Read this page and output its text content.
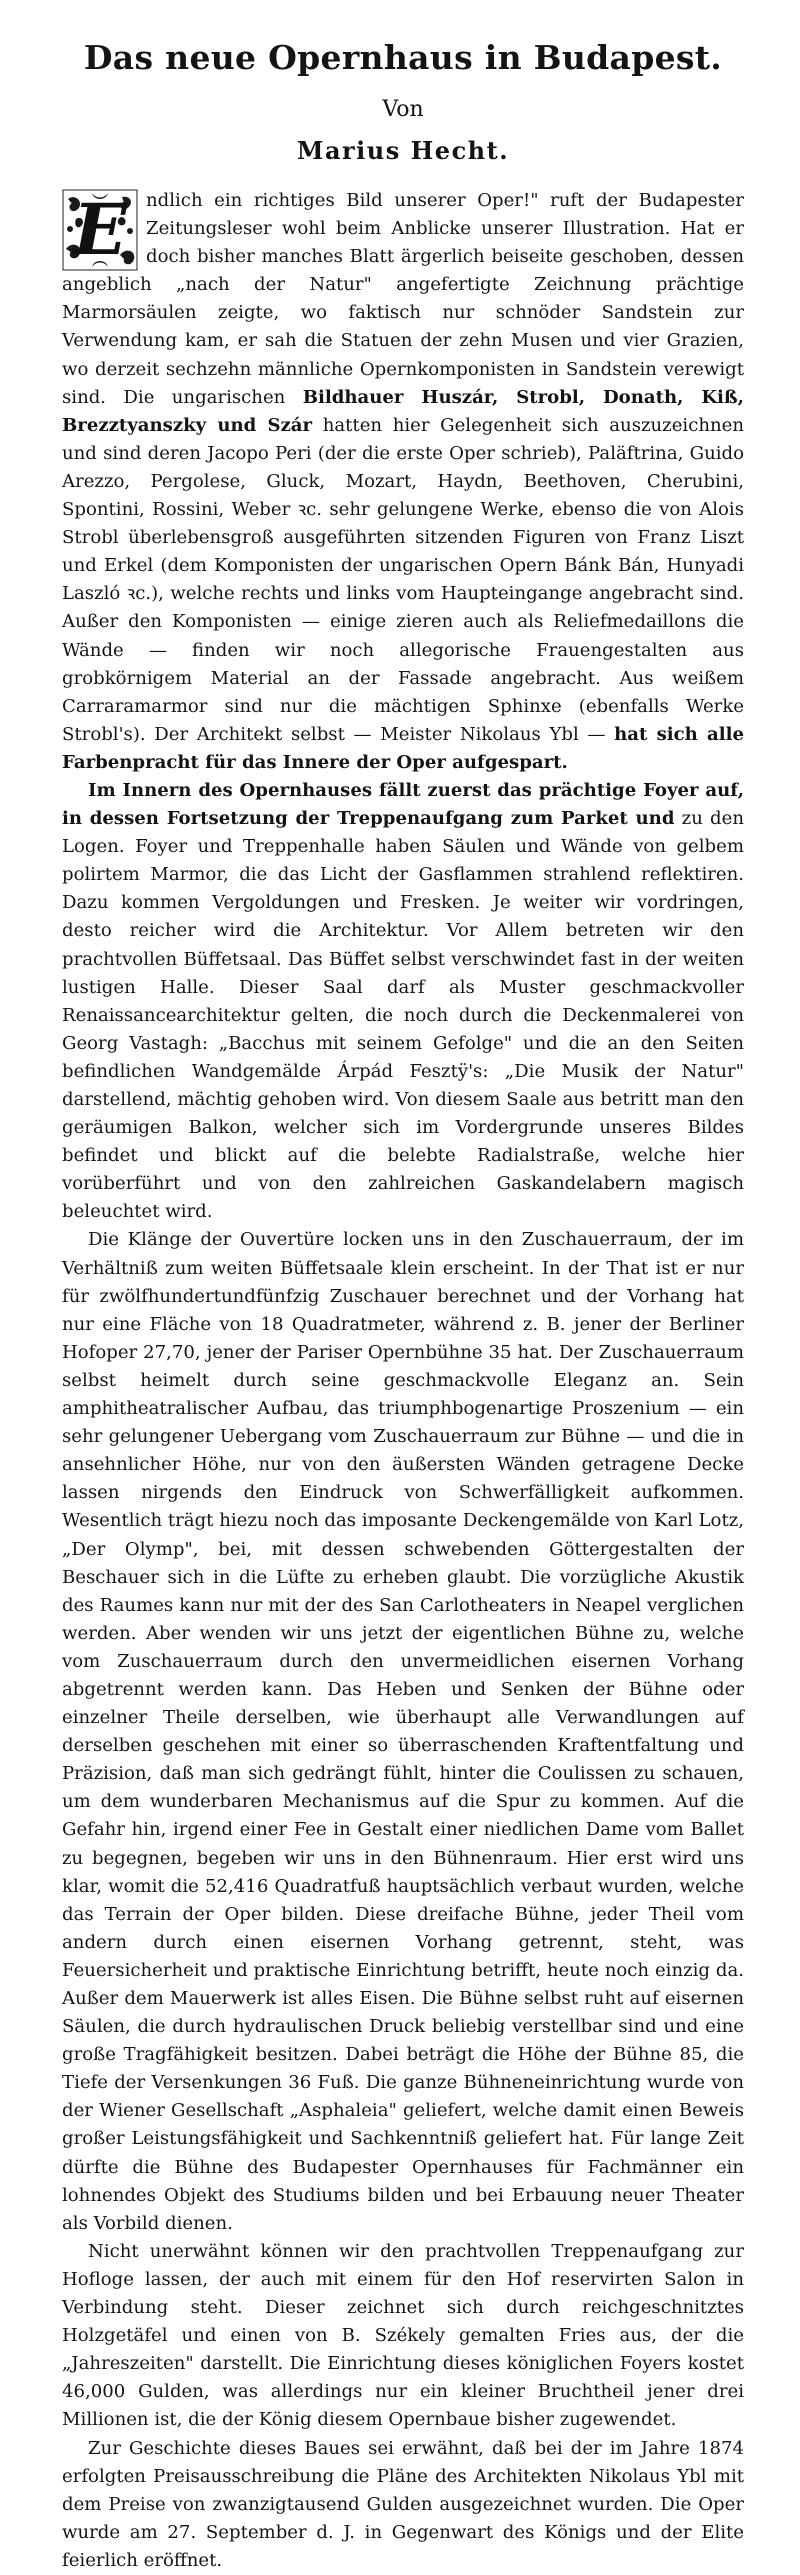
Das neue Opernhaus in Budapest.
Von
Marius Hecht.

E	ndlich ein richtiges Bild unserer Oper!" ruft der Budapester Zeitungsleser wohl beim Anblicke unserer Illustration. Hat er doch bisher manches Blatt ärgerlich beiseite geschoben, dessen angeblich „nach der Natur" angefertigte Zeichnung prächtige Marmorsäulen zeigte, wo faktisch nur schnöder Sandstein zur Verwendung kam, er sah die Statuen der zehn Musen und vier Grazien, wo derzeit sechzehn männliche Opernkomponisten in Sandstein verewigt sind. Die ungarischen Bildhauer Huszár, Strobl, Donath, Kiß, Brezztyanszky und Szár hatten hier Gelegenheit sich auszuzeichnen und sind deren Jacopo Peri (der die erste Oper schrieb), Paläftrina, Guido Arezzo, Pergolese, Gluck, Mozart, Haydn, Beethoven, Cherubini, Spontini, Rossini, Weber ꝛc. sehr gelungene Werke, ebenso die von Alois Strobl überlebensgroß ausgeführten sitzenden Figuren von Franz Liszt und Erkel (dem Komponisten der ungarischen Opern Bánk Bán, Hunyadi Laszló ꝛc.), welche rechts und links vom Haupteingange angebracht sind. Außer den Komponisten — einige zieren auch als Reliefmedaillons die Wände — finden wir noch allegorische Frauengestalten aus grobkörnigem Material an der Fassade angebracht. Aus weißem Carraramarmor sind nur die mächtigen Sphinxe (ebenfalls Werke Strobl's). Der Architekt selbst — Meister Nikolaus Ybl — hat sich alle Farbenpracht für das Innere der Oper aufgespart.

Im Innern des Opernhauses fällt zuerst das prächtige Foyer auf, in dessen Fortsetzung der Treppenaufgang zum Parket und zu den Logen. Foyer und Treppenhalle haben Säulen und Wände von gelbem polirtem Marmor, die das Licht der Gasflammen strahlend reflektiren. Dazu kommen Vergoldungen und Fresken. Je weiter wir vordringen, desto reicher wird die Architektur. Vor Allem betreten wir den prachtvollen Büffetsaal. Das Büffet selbst verschwindet fast in der weiten lustigen Halle. Dieser Saal darf als Muster geschmackvoller Renaissancearchitektur gelten, die noch durch die Deckenmalerei von Georg Vastagh: „Bacchus mit seinem Gefolge" und die an den Seiten befindlichen Wandgemälde Árpád Fesztÿ's: „Die Musik der Natur" darstellend, mächtig gehoben wird. Von diesem Saale aus betritt man den geräumigen Balkon, welcher sich im Vordergrunde unseres Bildes befindet und blickt auf die belebte Radialstraße, welche hier vorüberführt und von den zahlreichen Gaskandelabern magisch beleuchtet wird.

Die Klänge der Ouvertüre locken uns in den Zuschauerraum, der im Verhältniß zum weiten Büffetsaale klein erscheint. In der That ist er nur für zwölfhundertundfünfzig Zuschauer berechnet und der Vorhang hat nur eine Fläche von 18 Quadratmeter, während z. B. jener der Berliner Hofoper 27,70, jener der Pariser Opernbühne 35 hat. Der Zuschauerraum selbst heimelt durch seine geschmackvolle Eleganz an. Sein amphitheatralischer Aufbau, das triumphbogenartige Proszenium — ein sehr gelungener Uebergang vom Zuschauerraum zur Bühne — und die in ansehnlicher Höhe, nur von den äußersten Wänden getragene Decke lassen nirgends den Eindruck von Schwerfälligkeit aufkommen. Wesentlich trägt hiezu noch das imposante Deckengemälde von Karl Lotz, „Der Olymp", bei, mit dessen schwebenden Göttergestalten der Beschauer sich in die Lüfte zu erheben glaubt. Die vorzügliche Akustik des Raumes kann nur mit der des San Carlotheaters in Neapel verglichen werden. Aber wenden wir uns jetzt der eigentlichen Bühne zu, welche vom Zuschauerraum durch den unvermeidlichen eisernen Vorhang abgetrennt werden kann. Das Heben und Senken der Bühne oder einzelner Theile derselben, wie überhaupt alle Verwandlungen auf derselben geschehen mit einer so überraschenden Kraftentfaltung und Präzision, daß man sich gedrängt fühlt, hinter die Coulissen zu schauen, um dem wunderbaren Mechanismus auf die Spur zu kommen. Auf die Gefahr hin, irgend einer Fee in Gestalt einer niedlichen Dame vom Ballet zu begegnen, begeben wir uns in den Bühnenraum. Hier erst wird uns klar, womit die 52,416 Quadratfuß hauptsächlich verbaut wurden, welche das Terrain der Oper bilden. Diese dreifache Bühne, jeder Theil vom andern durch einen eisernen Vorhang getrennt, steht, was Feuersicherheit und praktische Einrichtung betrifft, heute noch einzig da. Außer dem Mauerwerk ist alles Eisen. Die Bühne selbst ruht auf eisernen Säulen, die durch hydraulischen Druck beliebig verstellbar sind und eine große Tragfähigkeit besitzen. Dabei beträgt die Höhe der Bühne 85, die Tiefe der Versenkungen 36 Fuß. Die ganze Bühneneinrichtung wurde von der Wiener Gesellschaft „Asphaleia" geliefert, welche damit einen Beweis großer Leistungsfähigkeit und Sachkenntniß geliefert hat. Für lange Zeit dürfte die Bühne des Budapester Opernhauses für Fachmänner ein lohnendes Objekt des Studiums bilden und bei Erbauung neuer Theater als Vorbild dienen.

Nicht unerwähnt können wir den prachtvollen Treppenaufgang zur Hofloge lassen, der auch mit einem für den Hof reservirten Salon in Verbindung steht. Dieser zeichnet sich durch reichgeschnitztes Holzgetäfel und einen von B. Székely gemalten Fries aus, der die „Jahreszeiten" darstellt. Die Einrichtung dieses königlichen Foyers kostet 46,000 Gulden, was allerdings nur ein kleiner Bruchtheil jener drei Millionen ist, die der König diesem Opernbaue bisher zugewendet.

Zur Geschichte dieses Baues sei erwähnt, daß bei der im Jahre 1874 erfolgten Preisausschreibung die Pläne des Architekten Nikolaus Ybl mit dem Preise von zwanzigtausend Gulden ausgezeichnet wurden. Die Oper wurde am 27. September d. J. in Gegenwart des Königs und der Elite feierlich eröffnet.
